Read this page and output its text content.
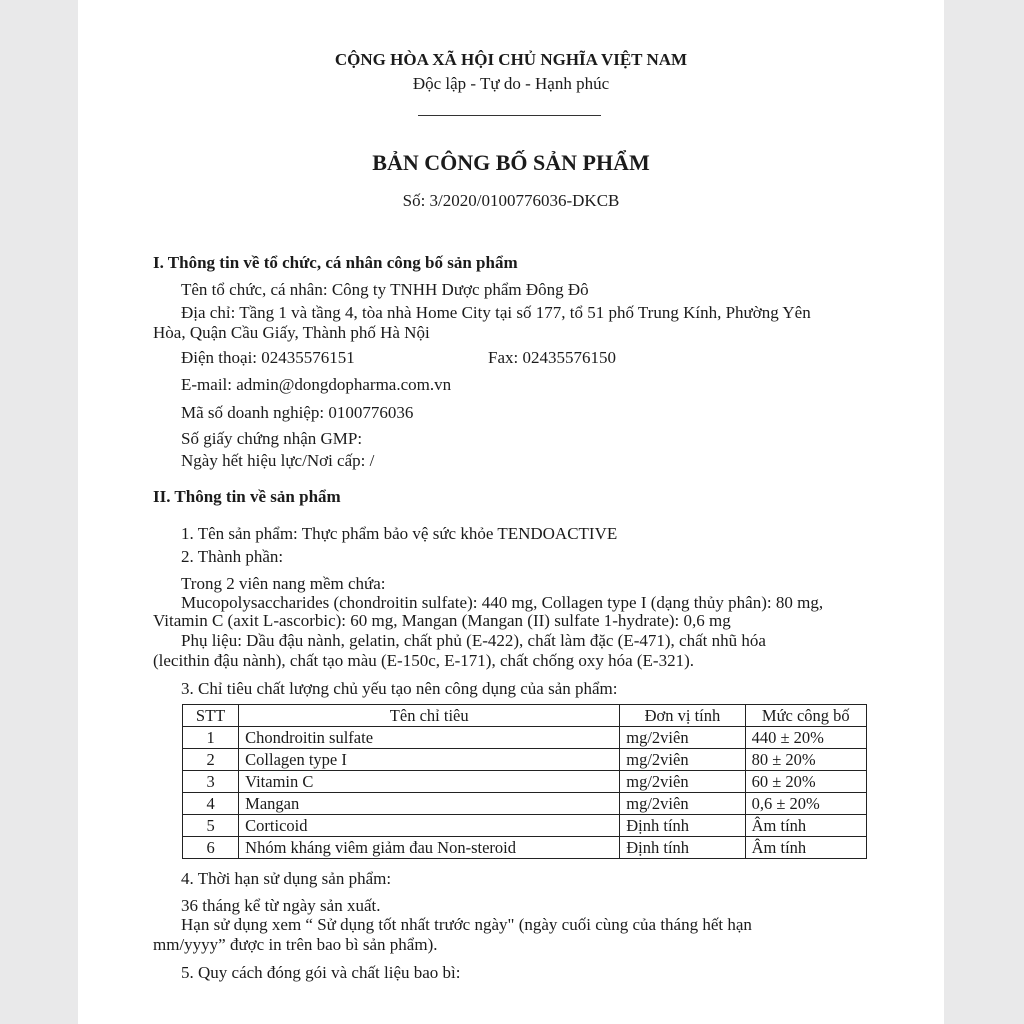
CỘNG HÒA XÃ HỘI CHỦ NGHĨA VIỆT NAM
Độc lập - Tự do - Hạnh phúc
BẢN CÔNG BỐ SẢN PHẨM
Số: 3/2020/0100776036-DKCB
I. Thông tin về tổ chức, cá nhân công bố sản phẩm
Tên tổ chức, cá nhân: Công ty TNHH Dược phẩm Đông Đô
Địa chỉ: Tầng 1 và tầng 4, tòa nhà Home City tại số 177, tổ 51 phố Trung Kính, Phường Yên
Hòa, Quận Cầu Giấy, Thành phố Hà Nội
Điện thoại: 02435576151	Fax: 02435576150
E-mail: admin@dongdopharma.com.vn
Mã số doanh nghiệp: 0100776036
Số giấy chứng nhận GMP:
Ngày hết hiệu lực/Nơi cấp: /
II. Thông tin về sản phẩm
1. Tên sản phẩm: Thực phẩm bảo vệ sức khỏe TENDOACTIVE
2. Thành phần:
Trong 2 viên nang mềm chứa:
Mucopolysaccharides (chondroitin sulfate): 440 mg, Collagen type I (dạng thủy phân): 80 mg,
Vitamin C (axit L-ascorbic): 60 mg, Mangan (Mangan (II) sulfate 1-hydrate): 0,6 mg
Phụ liệu: Dầu đậu nành, gelatin, chất phủ (E-422), chất làm đặc (E-471), chất nhũ hóa
(lecithin đậu nành), chất tạo màu (E-150c, E-171), chất chống oxy hóa (E-321).
3. Chỉ tiêu chất lượng chủ yếu tạo nên công dụng của sản phẩm:
STT	Tên chỉ tiêu	Đơn vị tính	Mức công bố
1	Chondroitin sulfate	mg/2viên	440 ± 20%
2	Collagen type I	mg/2viên	80 ± 20%
3	Vitamin C	mg/2viên	60 ± 20%
4	Mangan	mg/2viên	0,6 ± 20%
5	Corticoid	Định tính	Âm tính
6	Nhóm kháng viêm giảm đau Non-steroid	Định tính	Âm tính
4. Thời hạn sử dụng sản phẩm:
36 tháng kể từ ngày sản xuất.
Hạn sử dụng xem “ Sử dụng tốt nhất trước ngày" (ngày cuối cùng của tháng hết hạn
mm/yyyy” được in trên bao bì sản phẩm).
5. Quy cách đóng gói và chất liệu bao bì:
